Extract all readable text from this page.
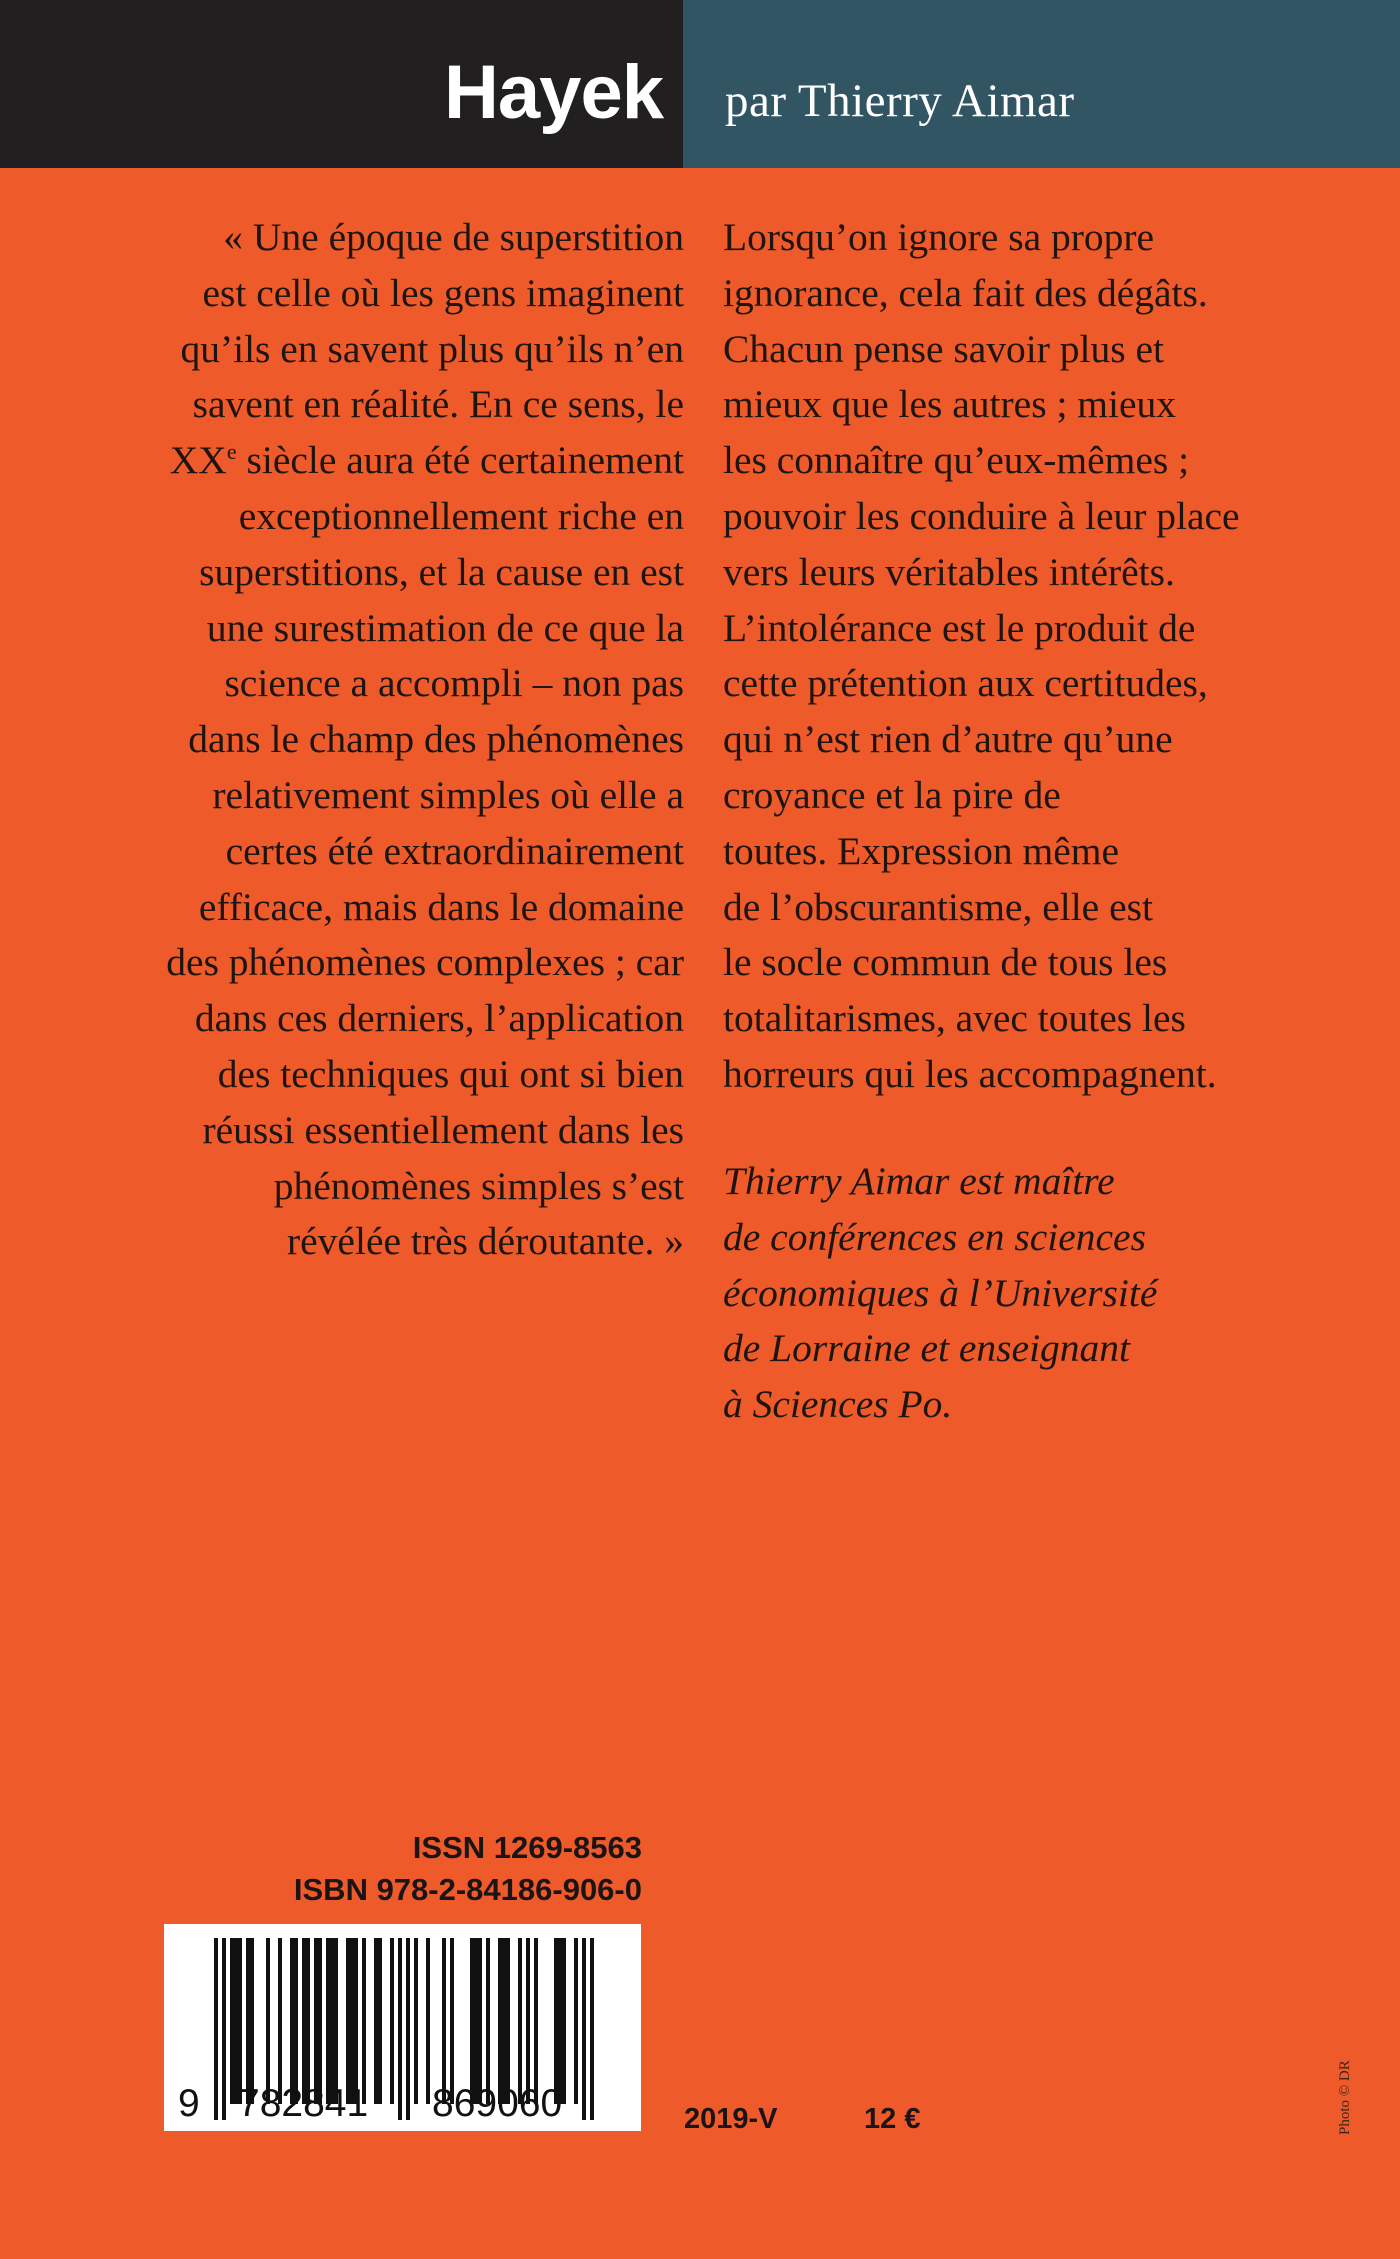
Hayek par Thierry Aimar
« Une époque de superstition
est celle où les gens imaginent
qu’ils en savent plus qu’ils n’en
savent en réalité. En ce sens, le
XXe siècle aura été certainement
exceptionnellement riche en
superstitions, et la cause en est
une surestimation de ce que la
science a accompli – non pas
dans le champ des phénomènes
relativement simples où elle a
certes été extraordinairement
efficace, mais dans le domaine
des phénomènes complexes ; car
dans ces derniers, l’application
des techniques qui ont si bien
réussi essentiellement dans les
phénomènes simples s’est
révélée très déroutante. »
Lorsqu’on ignore sa propre
ignorance, cela fait des dégâts.
Chacun pense savoir plus et
mieux que les autres ; mieux
les connaître qu’eux-mêmes ;
pouvoir les conduire à leur place
vers leurs véritables intérêts.
L’intolérance est le produit de
cette prétention aux certitudes,
qui n’est rien d’autre qu’une
croyance et la pire de
toutes. Expression même
de l’obscurantisme, elle est
le socle commun de tous les
totalitarismes, avec toutes les
horreurs qui les accompagnent.
Thierry Aimar est maître
de conférences en sciences
économiques à l’Université
de Lorraine et enseignant
à Sciences Po.
ISSN 1269-8563
ISBN 978-2-84186-906-0
9 782841 869060	2019-V	12 €	Photo © DR
